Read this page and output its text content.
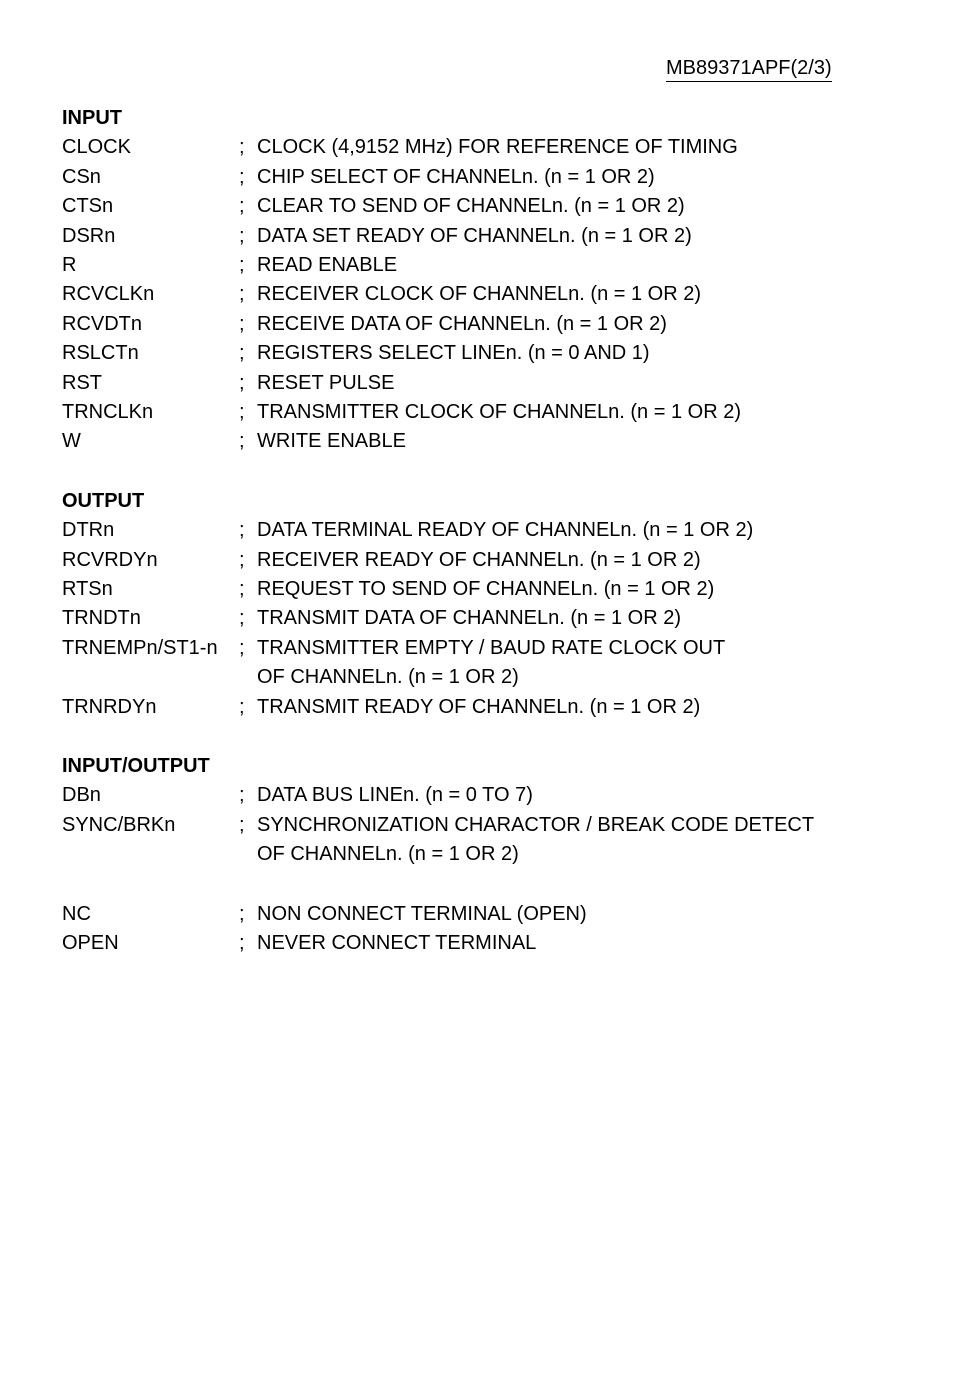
MB89371APF(2/3)
INPUT
CLOCK	; CLOCK (4,9152 MHz) FOR REFERENCE OF TIMING
CSn	; CHIP SELECT OF CHANNELn. (n = 1 OR 2)
CTSn	; CLEAR TO SEND OF CHANNELn. (n = 1 OR 2)
DSRn	; DATA SET READY OF CHANNELn. (n = 1 OR 2)
R	; READ ENABLE
RCVCLKn	; RECEIVER CLOCK OF CHANNELn. (n = 1 OR 2)
RCVDTn	; RECEIVE DATA OF CHANNELn. (n = 1 OR 2)
RSLCTn	; REGISTERS SELECT LINEn. (n = 0 AND 1)
RST	; RESET PULSE
TRNCLKn	; TRANSMITTER CLOCK OF CHANNELn. (n = 1 OR 2)
W	; WRITE ENABLE
OUTPUT
DTRn	; DATA TERMINAL READY OF CHANNELn. (n = 1 OR 2)
RCVRDYn	; RECEIVER READY OF CHANNELn. (n = 1 OR 2)
RTSn	; REQUEST TO SEND OF CHANNELn. (n = 1 OR 2)
TRNDTn	; TRANSMIT DATA OF CHANNELn. (n = 1 OR 2)
TRNEMPn/ST1-n	; TRANSMITTER EMPTY / BAUD RATE CLOCK OUT
OF CHANNELn. (n = 1 OR 2)
TRNRDYn	; TRANSMIT READY OF CHANNELn. (n = 1 OR 2)
INPUT/OUTPUT
DBn	; DATA BUS LINEn. (n = 0 TO 7)
SYNC/BRKn	; SYNCHRONIZATION CHARACTOR / BREAK CODE DETECT
OF CHANNELn. (n = 1 OR 2)
NC	; NON CONNECT TERMINAL (OPEN)
OPEN	; NEVER CONNECT TERMINAL
